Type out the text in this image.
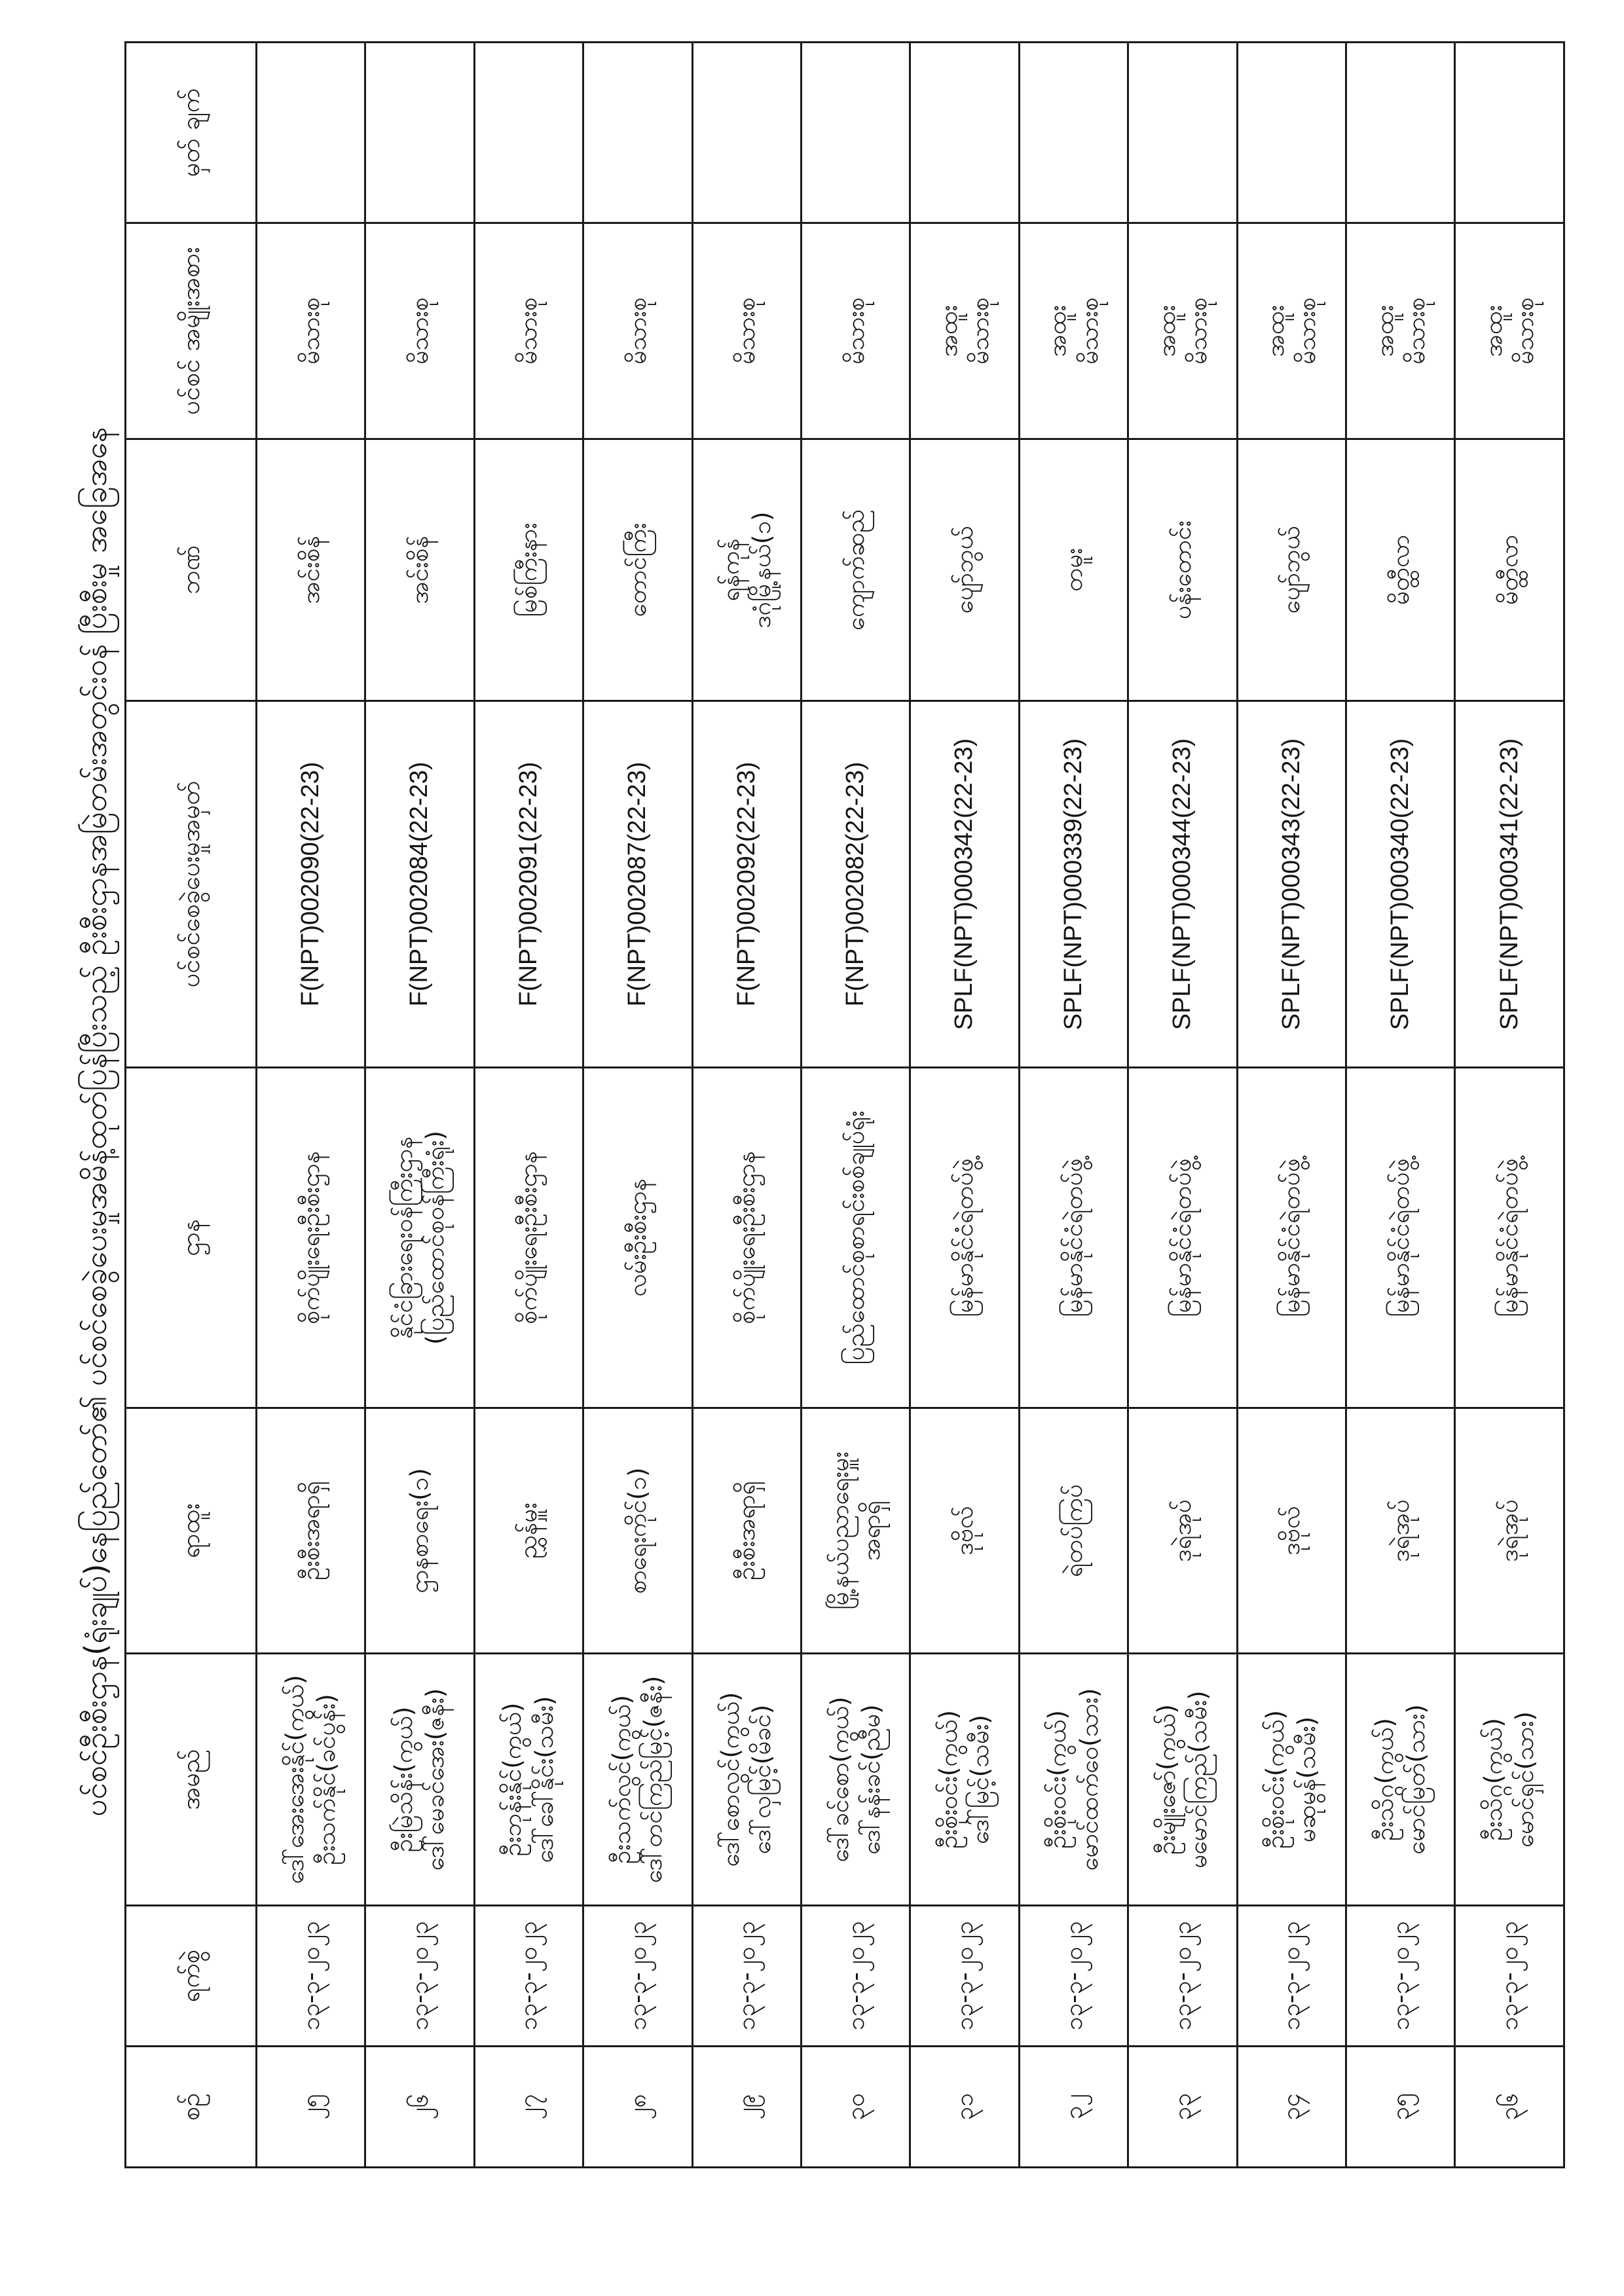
ပင်စင်ဦးစီးဌာန(ရုံးချုပ်)နေပြည်တော်၏ ပင်စင်စေခွဲပေးမှုအမိန့်ထုတ်ပြန်ပြီးသည့် ဦးစီးဌာနအမြဲတမ်းအတွင်းဝန် ပြီးစီးမှု အခြေအနေ
စဉ်	ရက်စွဲ	အမည်	ရာထူး	ဌာန	ပင်စင်စေခွဲပေးမှုအမှတ်	ဘဏ်	ပင်စင် အမျိုးအစား	မှတ် ချက်
၂၅	၁၃-၃-၂၀၂၃	ဒေါ်အေးအေးနိုင်(ကွယ်) ဦးသက်နိုင်(ခင်ပွန်း)	ဦးစီးအရာရှိ	စိုက်ပျိုးရေးဦးစီးဌာန	F(NPT)002090(22-23)	အင်းစိန်	မိသားစု	

၂၆	၁၃-၃-၂၀၂၃	ဦးမြဲသိန်း(ကွယ်) ဒေါ်မေခင်အေး(ဇနီး)	ဌာနစာရေး(၁)	နိုင်ငံခြားရေးဝန်ကြီးဌာန (ပြည်ထောင်စုဝန်ကြီးရုံး)	F(NPT)002084(22-23)	အင်းစိန်	မိသားစု	

၂၇	၁၃-၃-၂၀၂၃	ဦးဘုန်းနိုင်(ကွယ်) ဒေါ်ခေါ်နိုင်း(သမီး)	ညွှန်မှူး	စိုက်ပျိုးရေးဦးစီးဌာန	F(NPT)002091(22-23)	မြစ်ကြီးနား	မိသားစု	

၂၈	၁၃-၃-၂၀၂၃	ဦးသက်လွင်(ကွယ်) ဒေါ်တင်ကြည်မြင့်(ဇနီး)	စာရေးကိုင်(၁)	လမ်းဦးစီးဌာန	F(NPT)002087(22-23)	တောင်ကြီး	မိသားစု	

၂၉	၁၃-၃-၂၀၂၃	ဒေါ်စောလွင်(ကွယ်) ဒေါ်လှမြင့်(မိခင်)	ဦးစီးအရာရှိ	စိုက်ပျိုးရေးဦးစီးဌာန	F(NPT)002092(22-23)	ရန်ကုန် ဒဂုံမြို့နယ်(၁)	မိသားစု	

၃၀	၁၃-၃-၂၀၂၃	ဒေါ်ခင်စော(ကွယ်) ဒေါ်နန်းခင်(ညီမ)	မြို့နယ်ပညာရေးမှူး အရာရှိ	ပြည်ထောင်စုစာရင်းစစ်ချုပ်ရုံး	F(NPT)002082(22-23)	ကျောက်ဆည်	မိသားစု	

၃၁	၁၃-၃-၂၀၂၃	ဦးစိုးဝင်း(ကွယ်) ဒေါ်မြင့်(သမီး)	ဒုဗိုလ်	မြန်မာနိုင်ငံရဲတပ်ဖွဲ့	SPLF(NPT)000342(22-23)	ပျော်ဘွယ်	အထူး မိသားစု	

၃၂	၁၃-၃-၂၀၂၃	ဦးစိုးဝင်း(ကွယ်) မောင်ထက်ဝေ(သား)	ရဲတပ်ကြပ်	မြန်မာနိုင်ငံရဲတပ်ဖွဲ့	SPLF(NPT)000339(22-23)	တမူး	အထူး မိသားစု	

၃၃	၁၃-၃-၂၀၂၃	ဦးမျိုးဇော်(ကွယ်) မမောင်ကြည်(သမီး)	ဒုရဲအုပ်	မြန်မာနိုင်ငံရဲတပ်ဖွဲ့	SPLF(NPT)000344(22-23)	ပန်းတောင်း	အထူး မိသားစု	

၃၄	၁၃-၃-၂၀၂၃	ဦးစိုးဝင်း(ကွယ်) မဆုမွန်(သမီး)	ဒုဗိုလ်	မြန်မာနိုင်ငံရဲတပ်ဖွဲ့	SPLF(NPT)000343(22-23)	ပျော်ဘွယ်	အထူး မိသားစု	

၃၅	၁၃-၃-၂၀၂၃	ဦးသိဂ္ဂ(ကွယ်) မောင်မြတ်(သား)	ဒုရဲအုပ်	မြန်မာနိုင်ငံရဲတပ်ဖွဲ့	SPLF(NPT)000340(22-23)	မိတ္ထီလာ	အထူး မိသားစု	

၃၆	၁၃-၃-၂၀၂၃	ဦးသိဂ္ဂ(ကွယ်) မောင်ရှင်(သား)	ဒုရဲအုပ်	မြန်မာနိုင်ငံရဲတပ်ဖွဲ့	SPLF(NPT)000341(22-23)	မိတ္ထီလာ	အထူး မိသားစု	
